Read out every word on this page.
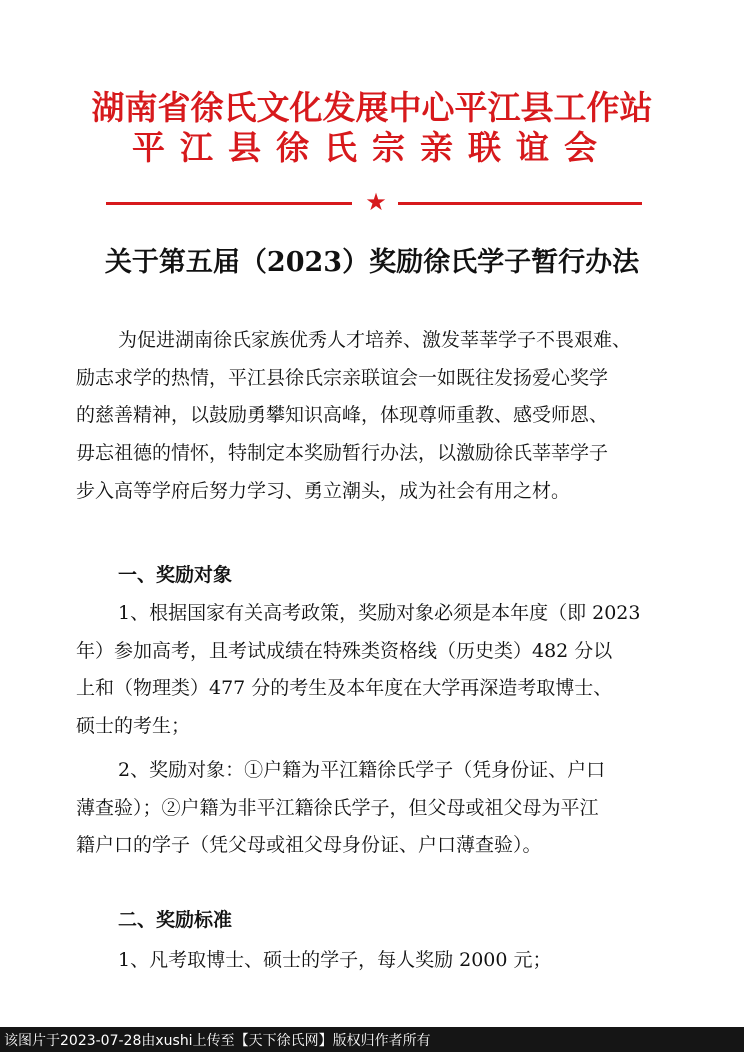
湖南省徐氏文化发展中心平江县工作站
平江县徐氏宗亲联谊会
★
关于第五届（2023）奖励徐氏学子暂行办法
为促进湖南徐氏家族优秀人才培养、激发莘莘学子不畏艰难、
励志求学的热情，平江县徐氏宗亲联谊会一如既往发扬爱心奖学
的慈善精神，以鼓励勇攀知识高峰，体现尊师重教、感受师恩、
毋忘祖德的情怀，特制定本奖励暂行办法，以激励徐氏莘莘学子
步入高等学府后努力学习、勇立潮头，成为社会有用之材。
一、奖励对象
1、根据国家有关高考政策，奖励对象必须是本年度（即 2023
年）参加高考，且考试成绩在特殊类资格线（历史类）482 分以
上和（物理类）477 分的考生及本年度在大学再深造考取博士、
硕士的考生；
2、奖励对象：①户籍为平江籍徐氏学子（凭身份证、户口
薄查验）；②户籍为非平江籍徐氏学子，但父母或祖父母为平江
籍户口的学子（凭父母或祖父母身份证、户口薄查验）。
二、奖励标准
1、凡考取博士、硕士的学子，每人奖励 2000 元；
该图片于2023-07-28由xushi上传至【天下徐氏网】版权归作者所有
